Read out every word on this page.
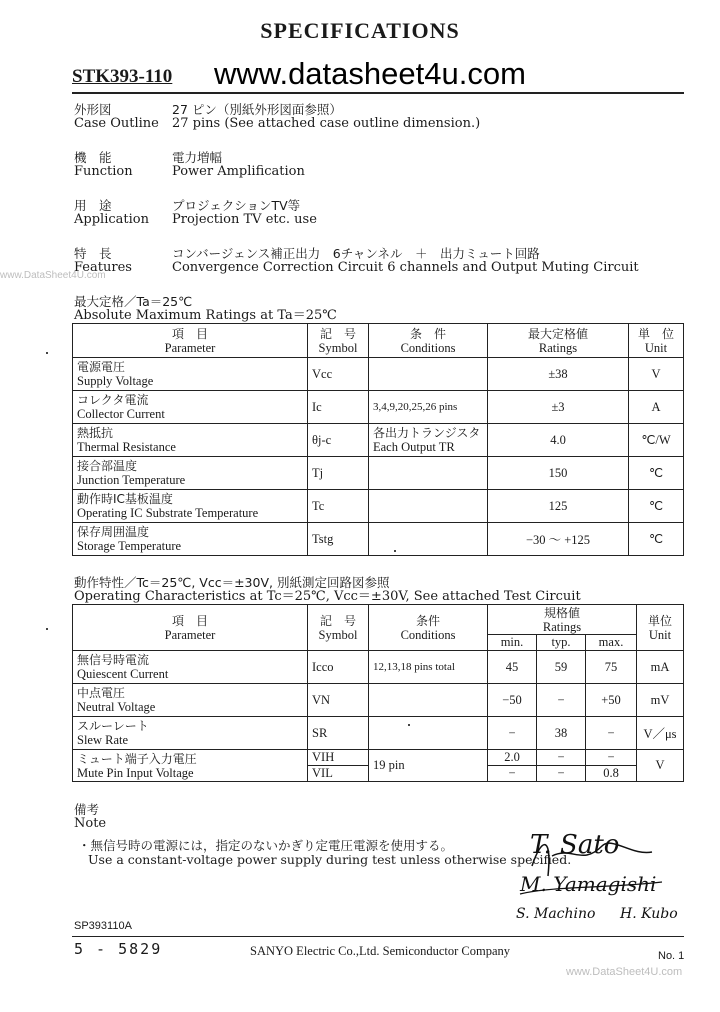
SPECIFICATIONS
STK393-110 www.datasheet4u.com
www.DataSheet4U.com
外形図
Case Outline
27 ピン（別紙外形図面参照）
27 pins (See attached case outline dimension.)
機　能
Function
電力増幅
Power Amplification
用　途
Application
プロジェクションTV等
Projection TV etc. use
特　長
Features
コンバージェンス補正出力　6チャンネル　＋　出力ミュート回路
Convergence Correction Circuit 6 channels and Output Muting Circuit
最大定格／Ta＝25℃
Absolute Maximum Ratings at Ta＝25℃
項　目
Parameter	記　号
Symbol	条　件
Conditions	最大定格値
Ratings	単　位
Unit

電源電圧
Supply Voltage	Vcc		±38	V

コレクタ電流
Collector Current	Ic	3,4,9,20,25,26 pins	±3	A

熱抵抗
Thermal Resistance	θj-c	各出力トランジスタ
Each Output TR	4.0	℃/W

接合部温度
Junction Temperature	Tj		150	℃

動作時IC基板温度
Operating IC Substrate Temperature	Tc		125	℃

保存周囲温度
Storage Temperature	Tstg		−30 ～ +125	℃
動作特性／Tc＝25℃, Vcc＝±30V, 別紙測定回路図参照
Operating Characteristics at Tc＝25℃, Vcc＝±30V, See attached Test Circuit
項　目
Parameter	記　号
Symbol	条件
Conditions	規格値
Ratings			単位
Unit

			min.	typ.	max.	

無信号時電流
Quiescent Current	Icco	12,13,18 pins total	45	59	75	mA

中点電圧
Neutral Voltage	VN		−50	−	+50	mV

スルーレート
Slew Rate	SR		−	38	−	V／μs

ミュート端子入力電圧
Mute Pin Input Voltage	VIH	19 pin	2.0	−	−	V
	VIL		−	−	0.8	
備考
Note
・無信号時の電源には，指定のないかぎり定電圧電源を使用する。
Use a constant-voltage power supply during test unless otherwise specified.
T. Sato
M. Yamagishi
S. Machino H. Kubo
SP393110A
5 - 5829	SANYO Electric Co.,Ltd. Semiconductor Company	No. 1
www.DataSheet4U.com
